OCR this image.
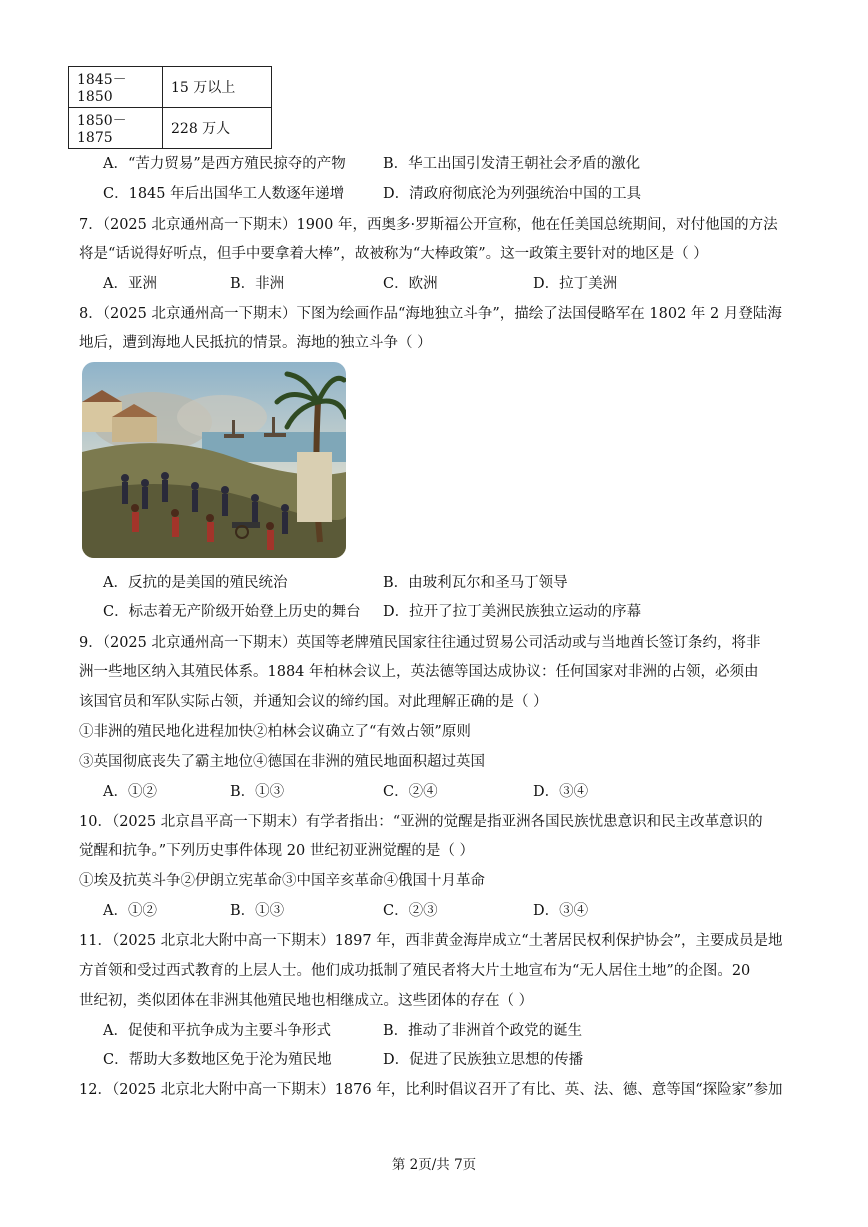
1845－1850	15 万以上
1850－1875	228 万人
A．“苦力贸易”是西方殖民掠夺的产物	B．华工出国引发清王朝社会矛盾的激化
C．1845 年后出国华工人数逐年递增	D．清政府彻底沦为列强统治中国的工具
7．（2025 北京通州高一下期末）1900 年，西奥多·罗斯福公开宣称，他在任美国总统期间，对付他国的方法
将是“话说得好听点，但手中要拿着大棒”，故被称为“大棒政策”。这一政策主要针对的地区是（ ）
A．亚洲	B．非洲	C．欧洲	D．拉丁美洲
8．（2025 北京通州高一下期末）下图为绘画作品“海地独立斗争”，描绘了法国侵略军在 1802 年 2 月登陆海
地后，遭到海地人民抵抗的情景。海地的独立斗争（ ）
A．反抗的是美国的殖民统治	B．由玻利瓦尔和圣马丁领导
C．标志着无产阶级开始登上历史的舞台 D．拉开了拉丁美洲民族独立运动的序幕
9．（2025 北京通州高一下期末）英国等老牌殖民国家往往通过贸易公司活动或与当地酋长签订条约，将非
洲一些地区纳入其殖民体系。1884 年柏林会议上，英法德等国达成协议：任何国家对非洲的占领，必须由
该国官员和军队实际占领，并通知会议的缔约国。对此理解正确的是（ ）
①非洲的殖民地化进程加快②柏林会议确立了“有效占领”原则
③英国彻底丧失了霸主地位④德国在非洲的殖民地面积超过英国
A．①②	B．①③	C．②④	D．③④
10．（2025 北京昌平高一下期末）有学者指出：“亚洲的觉醒是指亚洲各国民族忧患意识和民主改革意识的
觉醒和抗争。”下列历史事件体现 20 世纪初亚洲觉醒的是（ ）
①埃及抗英斗争②伊朗立宪革命③中国辛亥革命④俄国十月革命
A．①②	B．①③	C．②③	D．③④
11．（2025 北京北大附中高一下期末）1897 年，西非黄金海岸成立“土著居民权利保护协会”，主要成员是地
方首领和受过西式教育的上层人士。他们成功抵制了殖民者将大片土地宣布为“无人居住土地”的企图。20
世纪初，类似团体在非洲其他殖民地也相继成立。这些团体的存在（ ）
A．促使和平抗争成为主要斗争形式	B．推动了非洲首个政党的诞生
C．帮助大多数地区免于沦为殖民地	D．促进了民族独立思想的传播
12．（2025 北京北大附中高一下期末）1876 年，比利时倡议召开了有比、英、法、德、意等国“探险家”参加
第 2页/共 7页
